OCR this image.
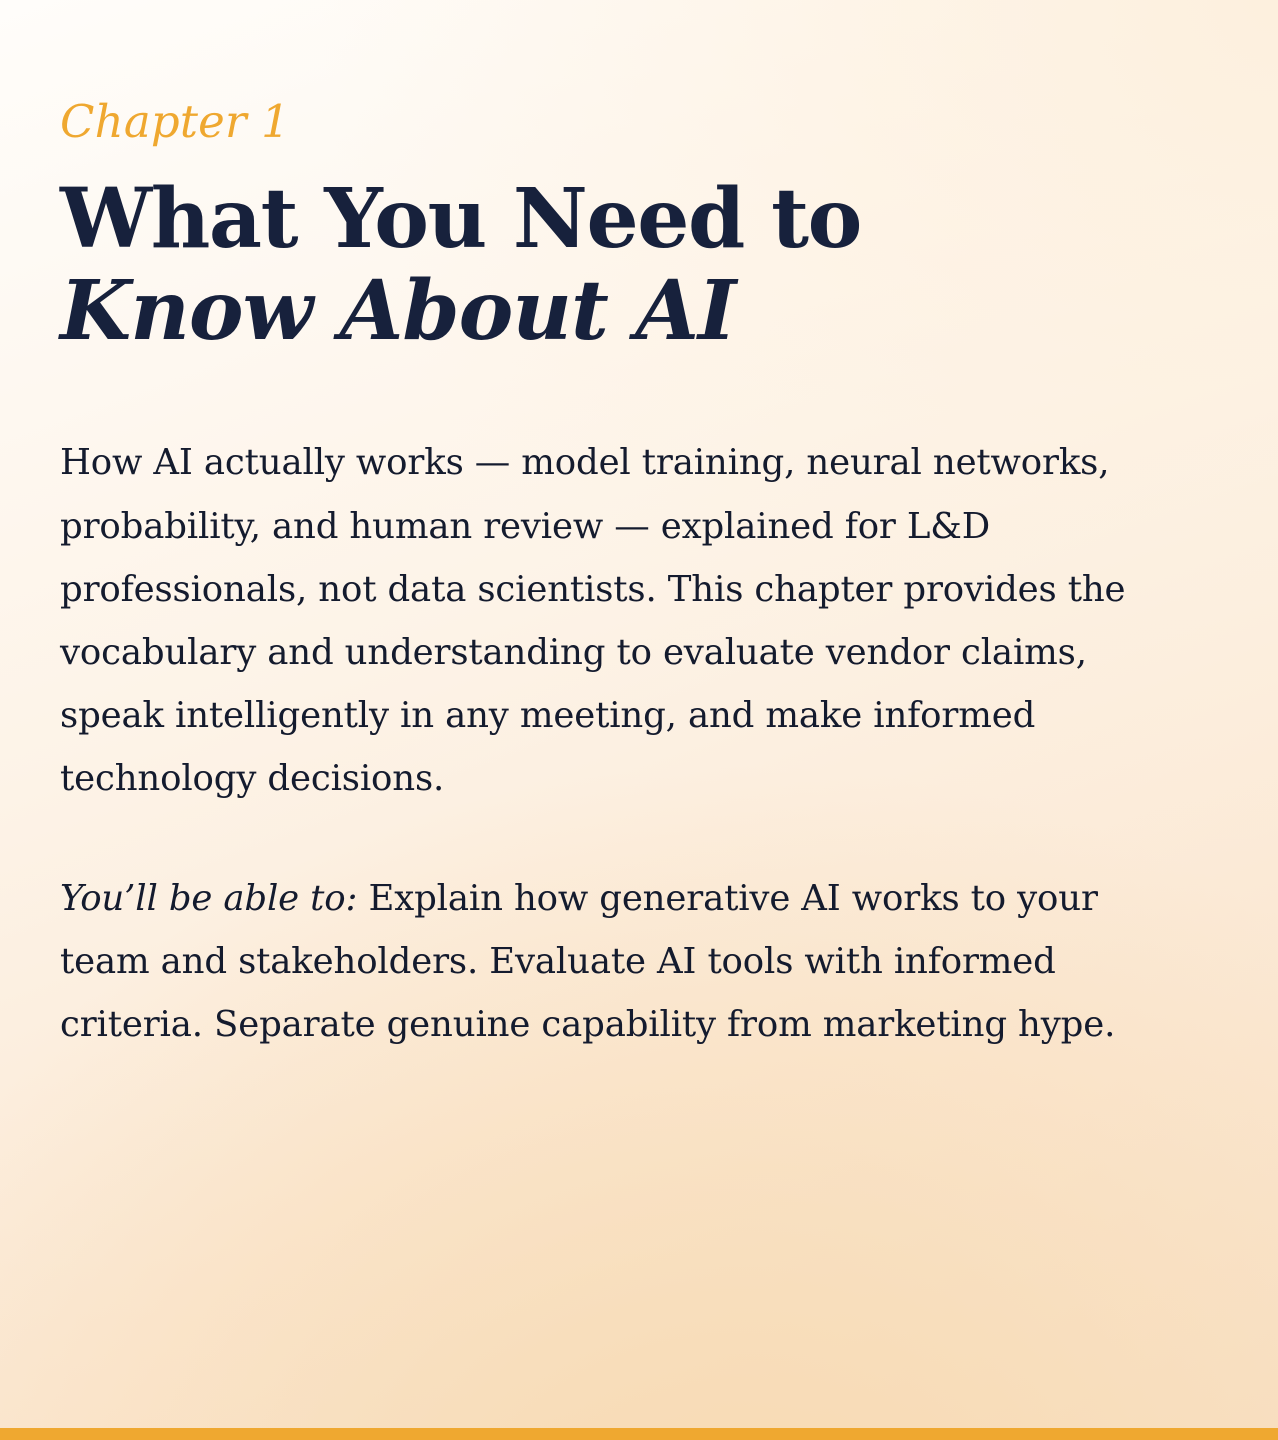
Chapter 1
What You Need to
Know About AI

How AI actually works — model training, neural networks, probability, and human review — explained for L&D professionals, not data scientists. This chapter provides the vocabulary and understanding to evaluate vendor claims, speak intelligently in any meeting, and make informed technology decisions.

You’ll be able to: Explain how generative AI works to your team and stakeholders. Evaluate AI tools with informed criteria. Separate genuine capability from marketing hype.
